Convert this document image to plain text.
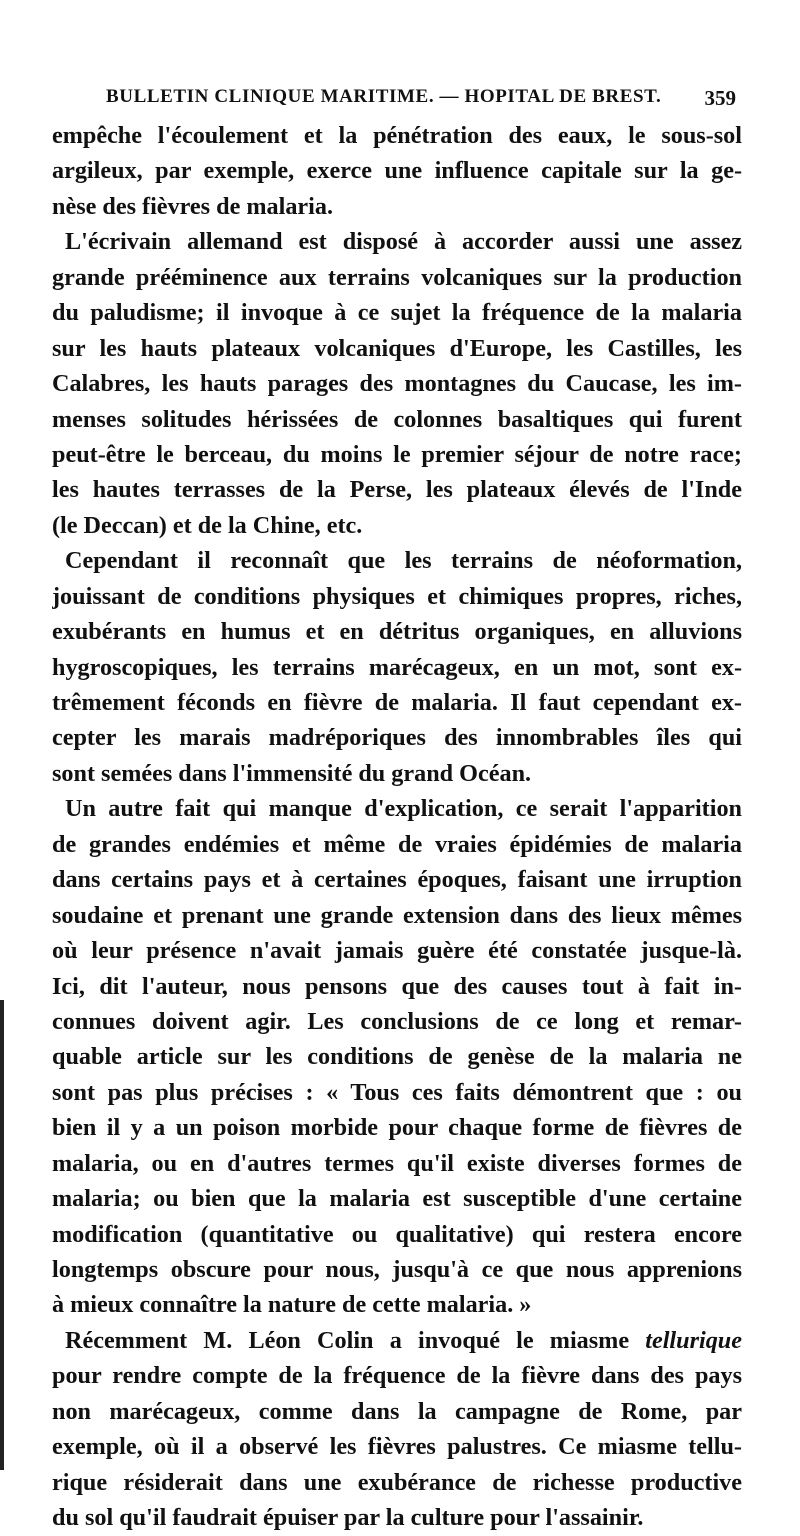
BULLETIN CLINIQUE MARITIME. — HOPITAL DE BREST. 359
empêche l'écoulement et la pénétration des eaux, le sous-sol
argileux, par exemple, exerce une influence capitale sur la ge-
nèse des fièvres de malaria.
L'écrivain allemand est disposé à accorder aussi une assez
grande prééminence aux terrains volcaniques sur la production
du paludisme; il invoque à ce sujet la fréquence de la malaria
sur les hauts plateaux volcaniques d'Europe, les Castilles, les
Calabres, les hauts parages des montagnes du Caucase, les im-
menses solitudes hérissées de colonnes basaltiques qui furent
peut-être le berceau, du moins le premier séjour de notre race;
les hautes terrasses de la Perse, les plateaux élevés de l'Inde
(le Deccan) et de la Chine, etc.
Cependant il reconnaît que les terrains de néoformation,
jouissant de conditions physiques et chimiques propres, riches,
exubérants en humus et en détritus organiques, en alluvions
hygroscopiques, les terrains marécageux, en un mot, sont ex-
trêmement féconds en fièvre de malaria. Il faut cependant ex-
cepter les marais madréporiques des innombrables îles qui
sont semées dans l'immensité du grand Océan.
Un autre fait qui manque d'explication, ce serait l'apparition
de grandes endémies et même de vraies épidémies de malaria
dans certains pays et à certaines époques, faisant une irruption
soudaine et prenant une grande extension dans des lieux mêmes
où leur présence n'avait jamais guère été constatée jusque-là.
Ici, dit l'auteur, nous pensons que des causes tout à fait in-
connues doivent agir. Les conclusions de ce long et remar-
quable article sur les conditions de genèse de la malaria ne
sont pas plus précises : « Tous ces faits démontrent que : ou
bien il y a un poison morbide pour chaque forme de fièvres de
malaria, ou en d'autres termes qu'il existe diverses formes de
malaria; ou bien que la malaria est susceptible d'une certaine
modification (quantitative ou qualitative) qui restera encore
longtemps obscure pour nous, jusqu'à ce que nous apprenions
à mieux connaître la nature de cette malaria. »
Récemment M. Léon Colin a invoqué le miasme tellurique
pour rendre compte de la fréquence de la fièvre dans des pays
non marécageux, comme dans la campagne de Rome, par
exemple, où il a observé les fièvres palustres. Ce miasme tellu-
rique résiderait dans une exubérance de richesse productive
du sol qu'il faudrait épuiser par la culture pour l'assainir.
